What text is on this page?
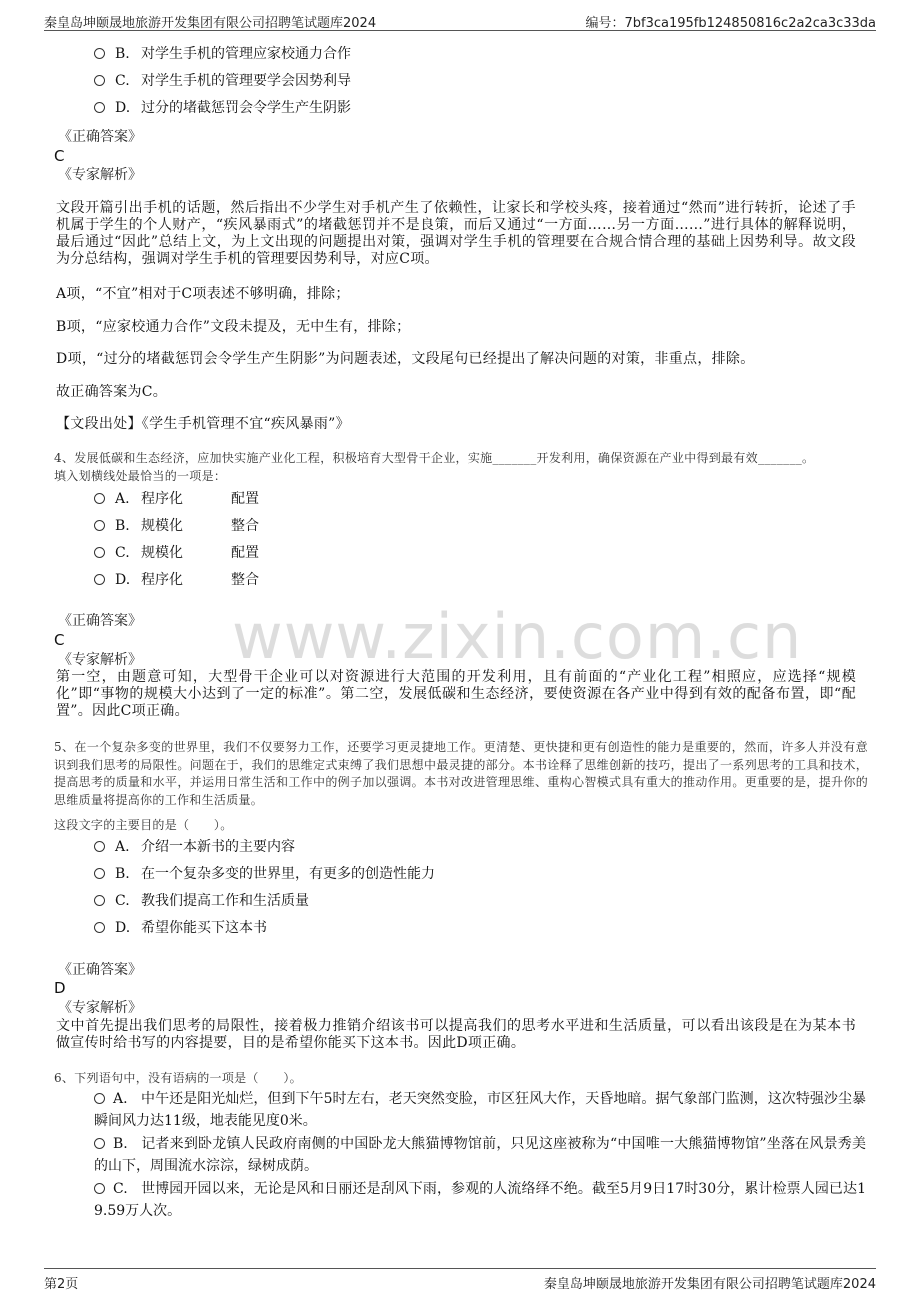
秦皇岛坤颐晟地旅游开发集团有限公司招聘笔试题库2024	编号：7bf3ca195fb124850816c2a2ca3c33da
www.zixin.com.cn
B. 对学生手机的管理应家校通力合作
C. 对学生手机的管理要学会因势利导
D. 过分的堵截惩罚会令学生产生阴影
《正确答案》
C
《专家解析》
文段开篇引出手机的话题，然后指出不少学生对手机产生了依赖性，让家长和学校头疼，接着通过“然而”进行转折，论述了手机属于学生的个人财产，“疾风暴雨式”的堵截惩罚并不是良策，而后又通过“一方面……另一方面……”进行具体的解释说明，最后通过“因此”总结上文，为上文出现的问题提出对策，强调对学生手机的管理要在合规合情合理的基础上因势利导。故文段为分总结构，强调对学生手机的管理要因势利导，对应C项。
A项，“不宜”相对于C项表述不够明确，排除；
B项，“应家校通力合作”文段未提及，无中生有，排除；
D项，“过分的堵截惩罚会令学生产生阴影”为问题表述，文段尾句已经提出了解决问题的对策，非重点，排除。
故正确答案为C。
【文段出处】《学生手机管理不宜“疾风暴雨”》
4、发展低碳和生态经济，应加快实施产业化工程，积极培育大型骨干企业，实施_______开发利用，确保资源在产业中得到最有效_______。
填入划横线处最恰当的一项是：
A. 程序化	配置
B. 规模化	整合
C. 规模化	配置
D. 程序化	整合
《正确答案》
C
《专家解析》
第一空，由题意可知，大型骨干企业可以对资源进行大范围的开发利用，且有前面的“产业化工程”相照应，应选择“规模化”即“事物的规模大小达到了一定的标准”。第二空，发展低碳和生态经济，要使资源在各产业中得到有效的配备布置，即“配置”。因此C项正确。
5、在一个复杂多变的世界里，我们不仅要努力工作，还要学习更灵捷地工作。更清楚、更快捷和更有创造性的能力是重要的，然而，许多人并没有意识到我们思考的局限性。问题在于，我们的思维定式束缚了我们思想中最灵捷的部分。本书诠释了思维创新的技巧，提出了一系列思考的工具和技术，提高思考的质量和水平，并运用日常生活和工作中的例子加以强调。本书对改进管理思维、重构心智模式具有重大的推动作用。更重要的是，提升你的思维质量将提高你的工作和生活质量。
这段文字的主要目的是（　　）。
A. 介绍一本新书的主要内容
B. 在一个复杂多变的世界里，有更多的创造性能力
C. 教我们提高工作和生活质量
D. 希望你能买下这本书
《正确答案》
D
《专家解析》
文中首先提出我们思考的局限性，接着极力推销介绍该书可以提高我们的思考水平进和生活质量，可以看出该段是在为某本书做宣传时给书写的内容提要，目的是希望你能买下这本书。因此D项正确。
6、下列语句中，没有语病的一项是（　　）。
A. 中午还是阳光灿烂，但到下午5时左右，老天突然变脸，市区狂风大作，天昏地暗。据气象部门监测，这次特强沙尘暴瞬间风力达11级，地表能见度0米。
B. 记者来到卧龙镇人民政府南侧的中国卧龙大熊猫博物馆前，只见这座被称为“中国唯一大熊猫博物馆”坐落在风景秀美的山下，周围流水淙淙，绿树成荫。
C. 世博园开园以来，无论是风和日丽还是刮风下雨，参观的人流络绎不绝。截至5月9日17时30分，累计检票人园已达19.59万人次。
第2页	秦皇岛坤颐晟地旅游开发集团有限公司招聘笔试题库2024
